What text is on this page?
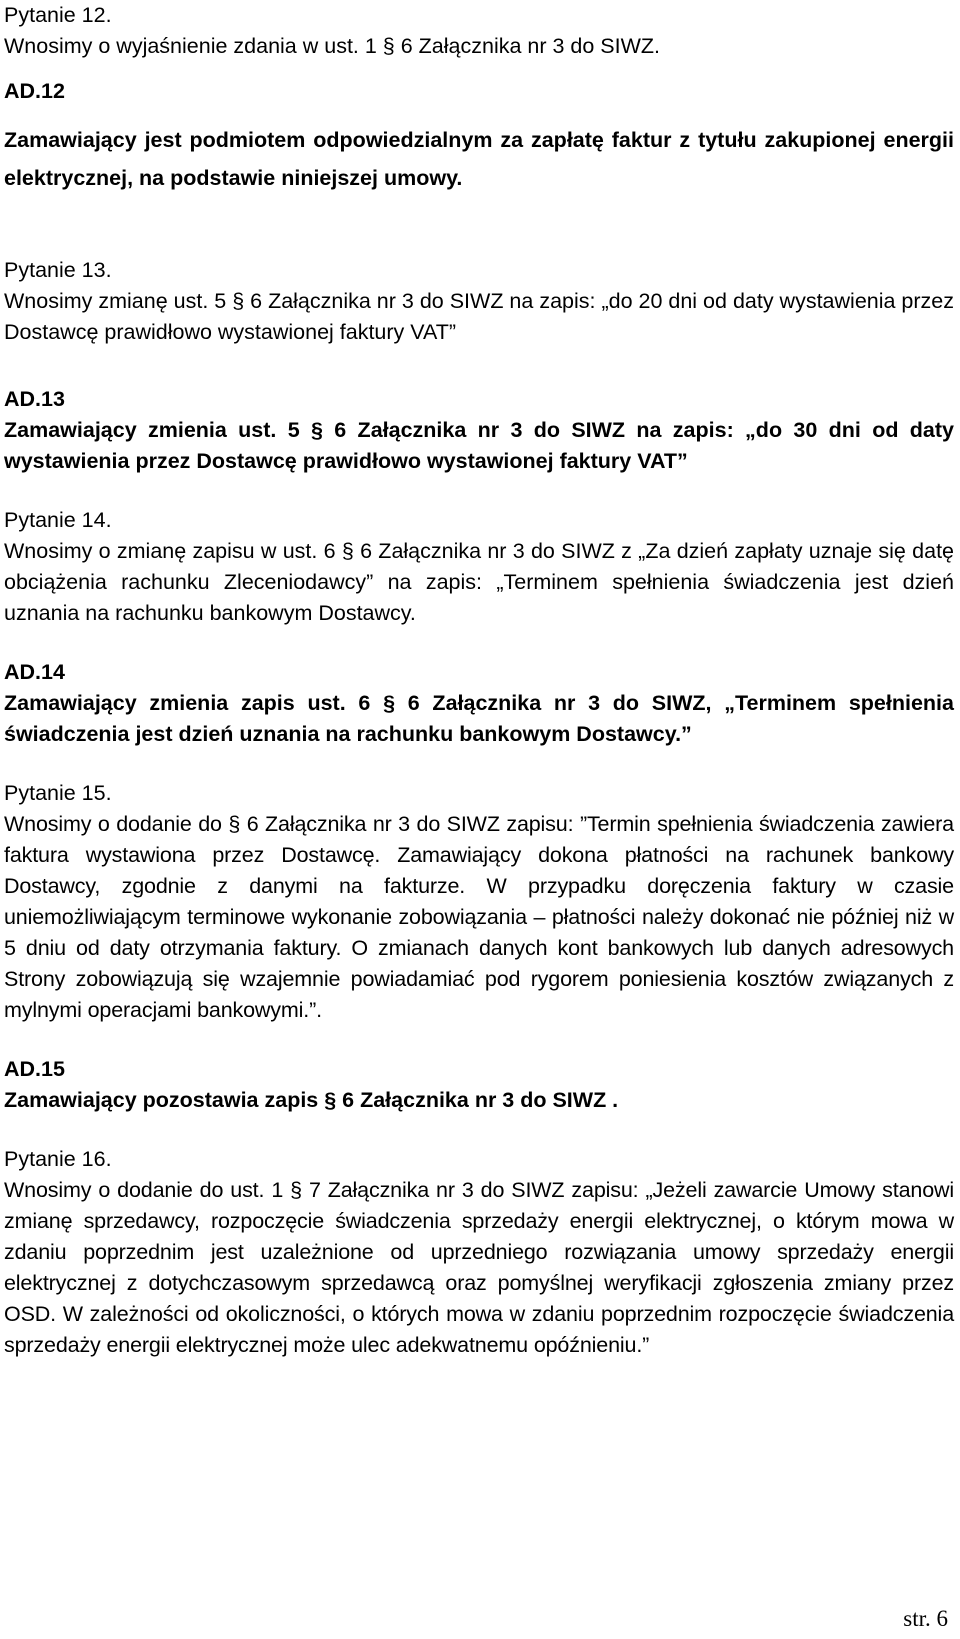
Pytanie 12.

Wnosimy o wyjaśnienie zdania w ust. 1 § 6 Załącznika nr 3 do SIWZ.

AD.12

Zamawiający jest podmiotem odpowiedzialnym za zapłatę faktur z tytułu zakupionej energii elektrycznej, na podstawie niniejszej umowy.

Pytanie 13.

Wnosimy zmianę ust. 5 § 6 Załącznika nr 3 do SIWZ na zapis: „do 20 dni od daty wystawienia przez Dostawcę prawidłowo wystawionej faktury VAT”

AD.13

Zamawiający zmienia ust. 5 § 6 Załącznika nr 3 do SIWZ na zapis: „do 30 dni od daty wystawienia przez Dostawcę prawidłowo wystawionej faktury VAT”

Pytanie 14.

Wnosimy o zmianę zapisu w ust. 6 § 6 Załącznika nr 3 do SIWZ z „Za dzień zapłaty uznaje się datę obciążenia rachunku Zleceniodawcy” na zapis: „Terminem spełnienia świadczenia jest dzień uznania na rachunku bankowym Dostawcy.

AD.14

Zamawiający zmienia zapis ust. 6 § 6 Załącznika nr 3 do SIWZ, „Terminem spełnienia świadczenia jest dzień uznania na rachunku bankowym Dostawcy.”

Pytanie 15.

Wnosimy o dodanie do § 6 Załącznika nr 3 do SIWZ zapisu: ”Termin spełnienia świadczenia zawiera faktura wystawiona przez Dostawcę. Zamawiający dokona płatności na rachunek bankowy Dostawcy, zgodnie z danymi na fakturze. W przypadku doręczenia faktury w czasie uniemożliwiającym terminowe wykonanie zobowiązania – płatności należy dokonać nie później niż w 5 dniu od daty otrzymania faktury. O zmianach danych kont bankowych lub danych adresowych Strony zobowiązują się wzajemnie powiadamiać pod rygorem poniesienia kosztów związanych z mylnymi operacjami bankowymi.”.

AD.15

Zamawiający pozostawia zapis § 6 Załącznika nr 3 do SIWZ .

Pytanie 16.

Wnosimy o dodanie do ust. 1 § 7 Załącznika nr 3 do SIWZ zapisu: „Jeżeli zawarcie Umowy stanowi zmianę sprzedawcy, rozpoczęcie świadczenia sprzedaży energii elektrycznej, o którym mowa w zdaniu poprzednim jest uzależnione od uprzedniego rozwiązania umowy sprzedaży energii elektrycznej z dotychczasowym sprzedawcą oraz pomyślnej weryfikacji zgłoszenia zmiany przez OSD. W zależności od okoliczności, o których mowa w zdaniu poprzednim rozpoczęcie świadczenia sprzedaży energii elektrycznej może ulec adekwatnemu opóźnieniu.”

str. 6
